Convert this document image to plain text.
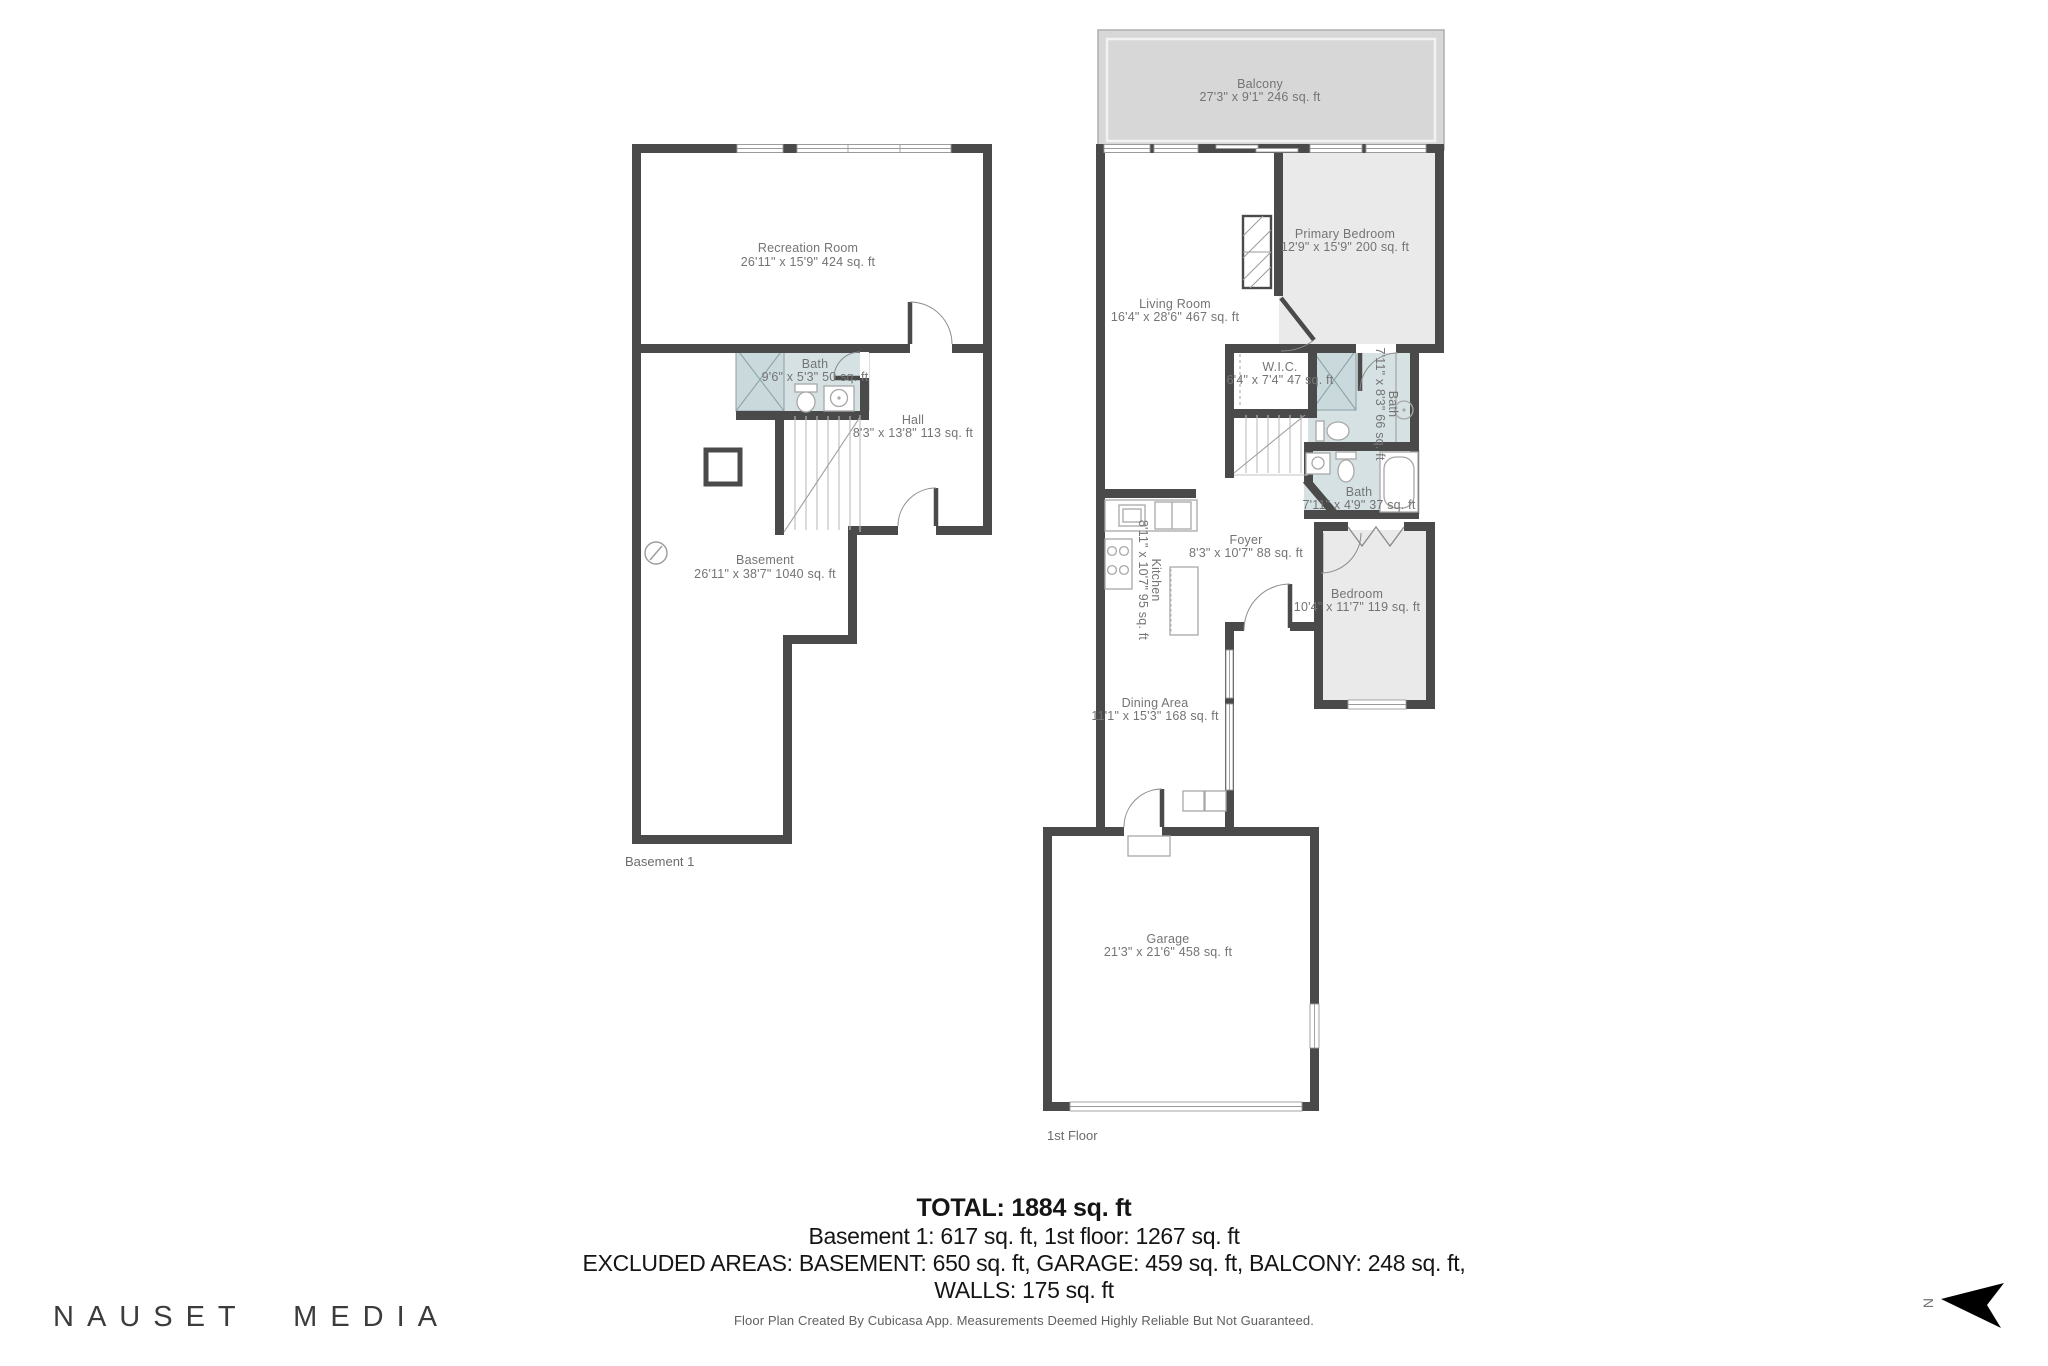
Recreation Room
26'11" x 15'9" 424 sq. ft
Bath
9'6" x 5'3" 50 sq. ft
Hall
8'3" x 13'8" 113 sq. ft
Basement
26'11" x 38'7" 1040 sq. ft
Basement 1
Balcony
27'3" x 9'1" 246 sq. ft
Living Room
16'4" x 28'6" 467 sq. ft
Primary Bedroom
12'9" x 15'9" 200 sq. ft
W.I.C.
6'4" x 7'4" 47 sq. ft
Bath
7'11" x 8'3" 66 sq. ft
Bath
7'11" x 4'9" 37 sq. ft
Foyer
8'3" x 10'7" 88 sq. ft
Bedroom
10'4" x 11'7" 119 sq. ft
Kitchen
8'11" x 10'7" 95 sq. ft
Dining Area
11'1" x 15'3" 168 sq. ft
Garage
21'3" x 21'6" 458 sq. ft
1st Floor
N
TOTAL: 1884 sq. ft
Basement 1: 617 sq. ft, 1st floor: 1267 sq. ft
EXCLUDED AREAS: BASEMENT: 650 sq. ft, GARAGE: 459 sq. ft, BALCONY: 248 sq. ft,
WALLS: 175 sq. ft
Floor Plan Created By Cubicasa App. Measurements Deemed Highly Reliable But Not Guaranteed.
NAUSET MEDIA
